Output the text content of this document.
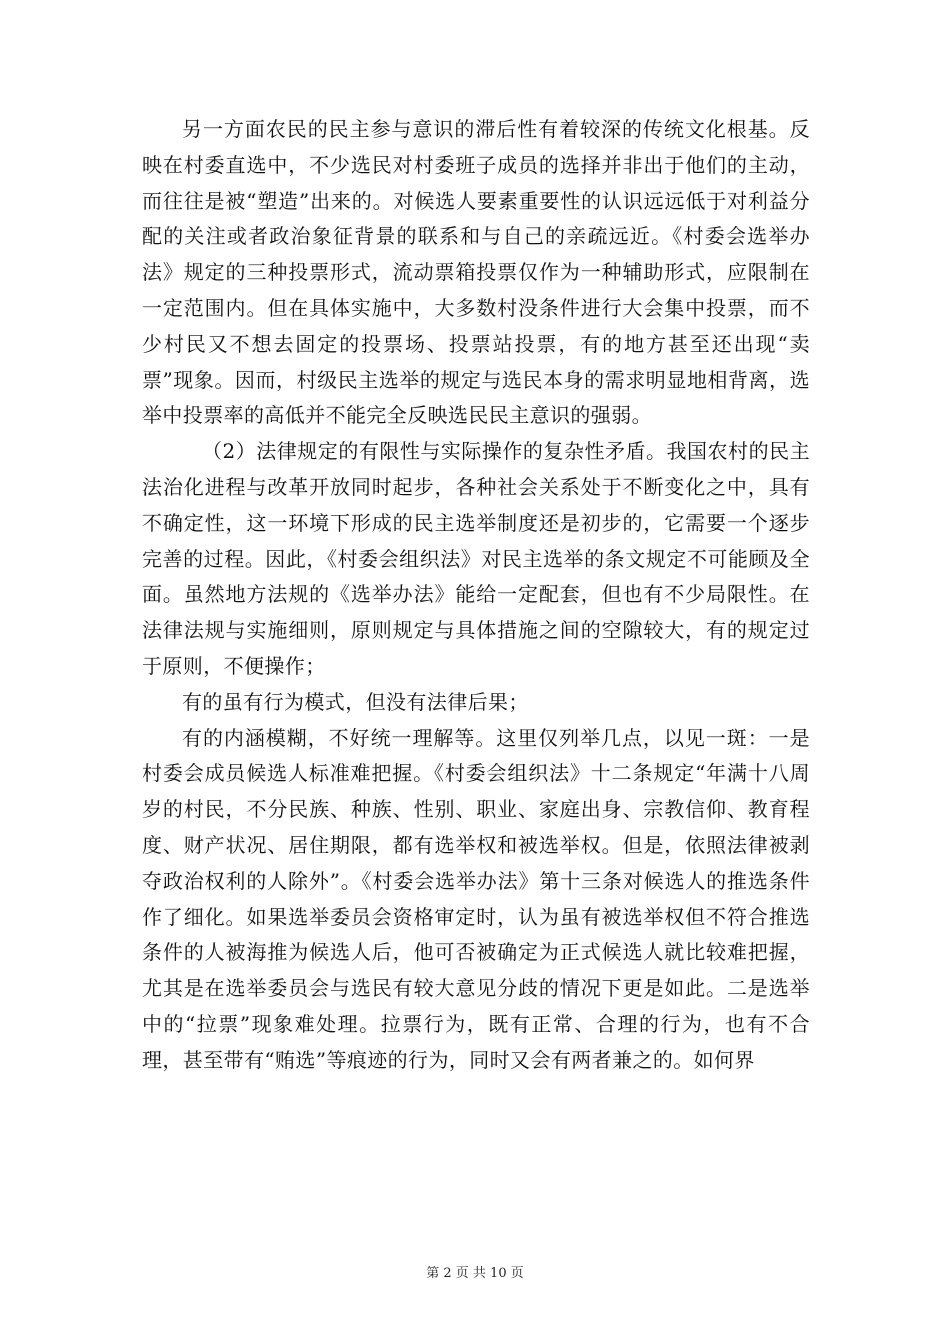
另一方面农民的民主参与意识的滞后性有着较深的传统文化根基。反映在村委直选中，不少选民对村委班子成员的选择并非出于他们的主动，而往往是被“塑造”出来的。对候选人要素重要性的认识远远低于对利益分配的关注或者政治象征背景的联系和与自己的亲疏远近。《村委会选举办法》规定的三种投票形式，流动票箱投票仅作为一种辅助形式，应限制在一定范围内。但在具体实施中，大多数村没条件进行大会集中投票，而不少村民又不想去固定的投票场、投票站投票，有的地方甚至还出现“卖票”现象。因而，村级民主选举的规定与选民本身的需求明显地相背离，选举中投票率的高低并不能完全反映选民民主意识的强弱。

（2）法律规定的有限性与实际操作的复杂性矛盾。我国农村的民主法治化进程与改革开放同时起步，各种社会关系处于不断变化之中，具有不确定性，这一环境下形成的民主选举制度还是初步的，它需要一个逐步完善的过程。因此，《村委会组织法》对民主选举的条文规定不可能顾及全面。虽然地方法规的《选举办法》能给一定配套，但也有不少局限性。在法律法规与实施细则，原则规定与具体措施之间的空隙较大，有的规定过于原则，不便操作；

有的虽有行为模式，但没有法律后果；

有的内涵模糊，不好统一理解等。这里仅列举几点，以见一斑：一是村委会成员候选人标准难把握。《村委会组织法》十二条规定“年满十八周岁的村民，不分民族、种族、性别、职业、家庭出身、宗教信仰、教育程度、财产状况、居住期限，都有选举权和被选举权。但是，依照法律被剥夺政治权利的人除外”。《村委会选举办法》第十三条对候选人的推选条件作了细化。如果选举委员会资格审定时，认为虽有被选举权但不符合推选条件的人被海推为候选人后，他可否被确定为正式候选人就比较难把握，尤其是在选举委员会与选民有较大意见分歧的情况下更是如此。二是选举中的“拉票”现象难处理。拉票行为，既有正常、合理的行为，也有不合理，甚至带有“贿选”等痕迹的行为，同时又会有两者兼之的。如何界

第 2 页 共 10 页
